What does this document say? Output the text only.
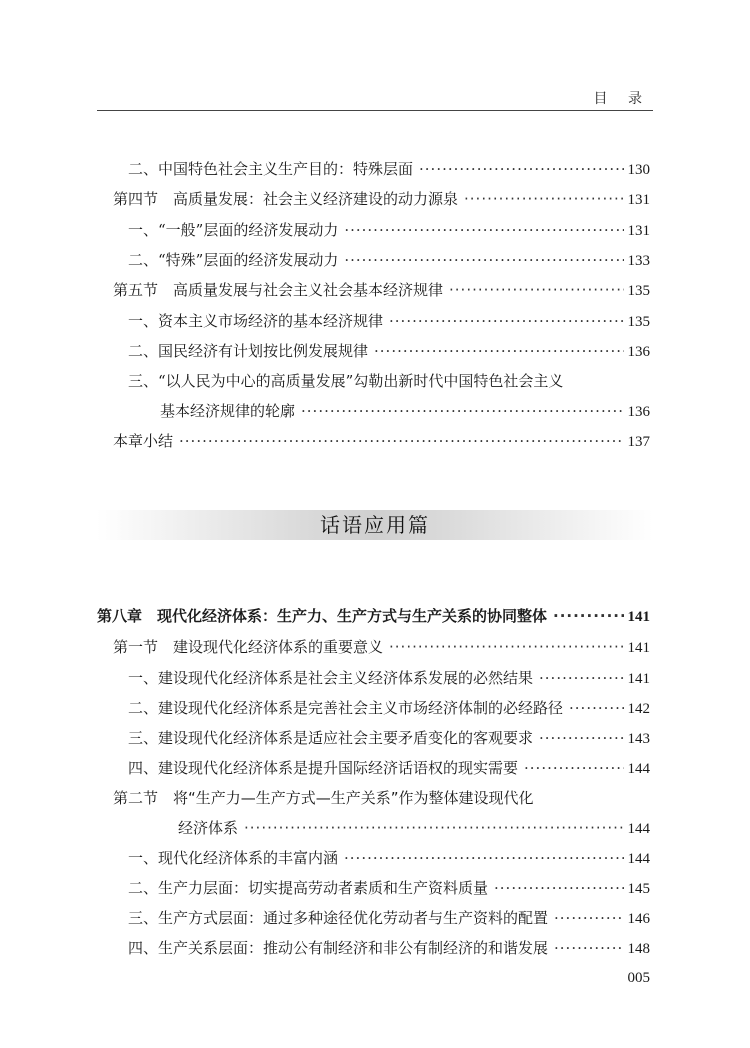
目 录
二、中国特色社会主义生产目的：特殊层面 ·····	130
第四节　高质量发展：社会主义经济建设的动力源泉 ·····	131
一、“一般”层面的经济发展动力 ·····	131
二、“特殊”层面的经济发展动力 ·····	133
第五节　高质量发展与社会主义社会基本经济规律 ·····	135
一、资本主义市场经济的基本经济规律 ·····	135
二、国民经济有计划按比例发展规律 ·····	136
三、“以人民为中心的高质量发展”勾勒出新时代中国特色社会主义
基本经济规律的轮廓 ·····	136
本章小结 ·····	137
话语应用篇
第八章　现代化经济体系：生产力、生产方式与生产关系的协同整体 ·····	141
第一节　建设现代化经济体系的重要意义 ·····	141
一、建设现代化经济体系是社会主义经济体系发展的必然结果 ·····	141
二、建设现代化经济体系是完善社会主义市场经济体制的必经路径 ·····	142
三、建设现代化经济体系是适应社会主要矛盾变化的客观要求 ·····	143
四、建设现代化经济体系是提升国际经济话语权的现实需要 ·····	144
第二节　将“生产力—生产方式—生产关系”作为整体建设现代化
经济体系 ·····	144
一、现代化经济体系的丰富内涵 ·····	144
二、生产力层面：切实提高劳动者素质和生产资料质量 ·····	145
三、生产方式层面：通过多种途径优化劳动者与生产资料的配置 ·····	146
四、生产关系层面：推动公有制经济和非公有制经济的和谐发展 ·····	148
005
